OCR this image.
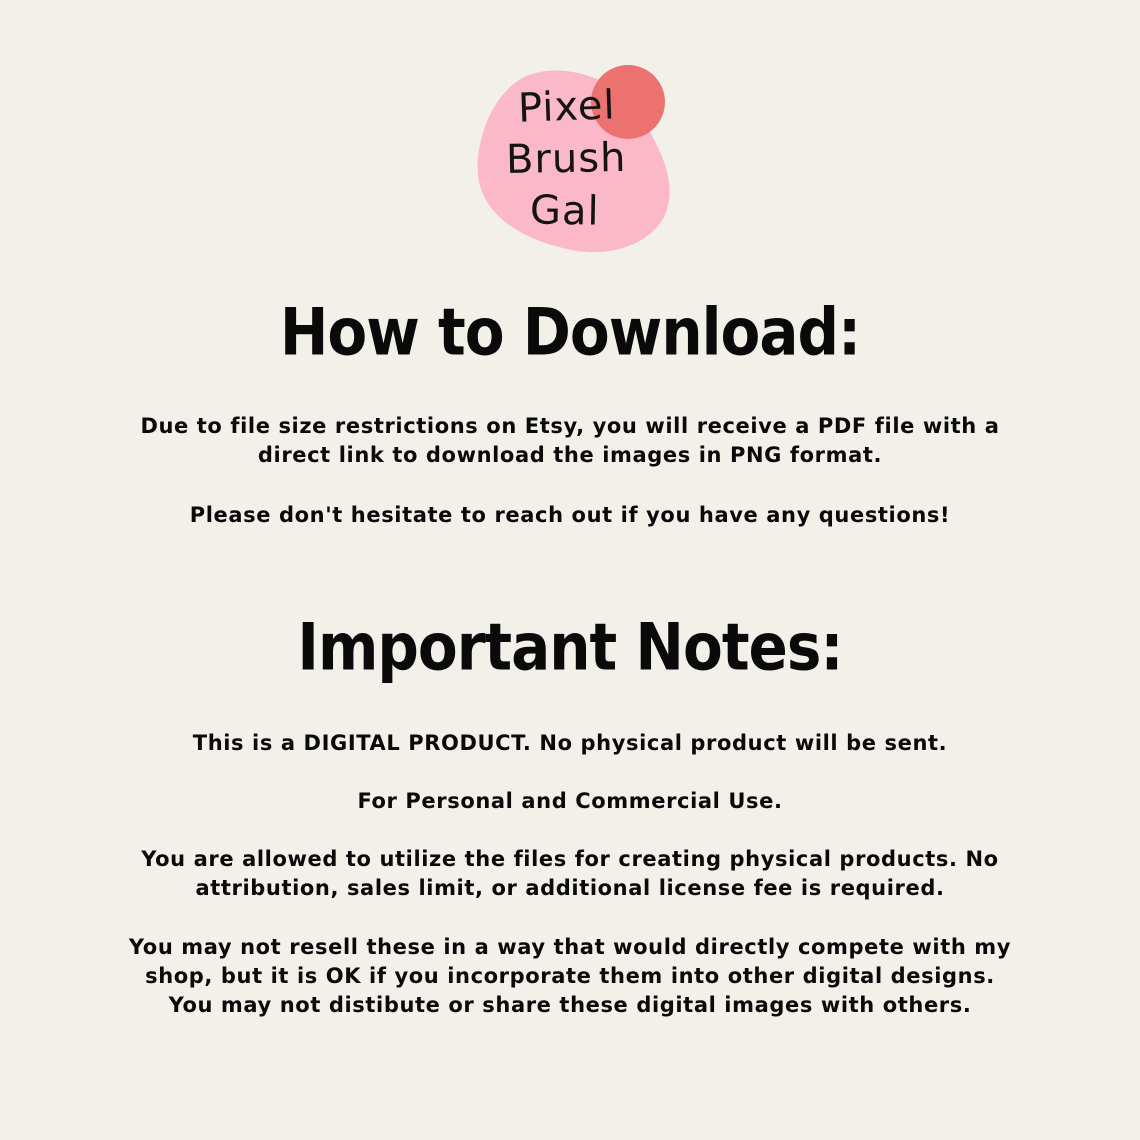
Pixel
Brush
Gal
How to Download:
Due to file size restrictions on Etsy, you will receive a PDF file with a
direct link to download the images in PNG format.
Please don't hesitate to reach out if you have any questions!
Important Notes:
This is a DIGITAL PRODUCT. No physical product will be sent.
For Personal and Commercial Use.
You are allowed to utilize the files for creating physical products. No
attribution, sales limit, or additional license fee is required.
You may not resell these in a way that would directly compete with my
shop, but it is OK if you incorporate them into other digital designs.
You may not distibute or share these digital images with others.
